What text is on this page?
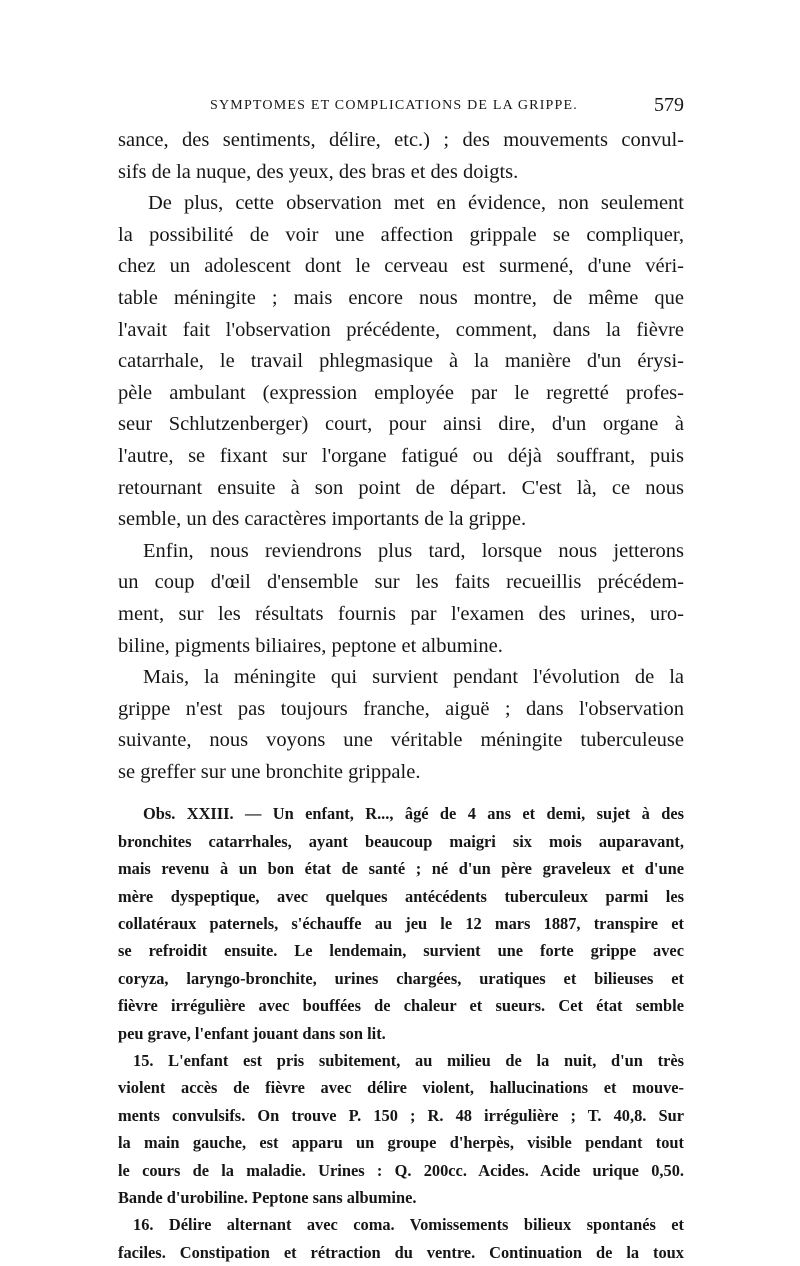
SYMPTOMES ET COMPLICATIONS DE LA GRIPPE.	579
sance, des sentiments, délire, etc.) ; des mouvements convul-
sifs de la nuque, des yeux, des bras et des doigts.
De plus, cette observation met en évidence, non seulement
la possibilité de voir une affection grippale se compliquer,
chez un adolescent dont le cerveau est surmené, d'une véri-
table méningite ; mais encore nous montre, de même que
l'avait fait l'observation précédente, comment, dans la fièvre
catarrhale, le travail phlegmasique à la manière d'un érysi-
pèle ambulant (expression employée par le regretté profes-
seur Schlutzenberger) court, pour ainsi dire, d'un organe à
l'autre, se fixant sur l'organe fatigué ou déjà souffrant, puis
retournant ensuite à son point de départ. C'est là, ce nous
semble, un des caractères importants de la grippe.
Enfin, nous reviendrons plus tard, lorsque nous jetterons
un coup d'œil d'ensemble sur les faits recueillis précédem-
ment, sur les résultats fournis par l'examen des urines, uro-
biline, pigments biliaires, peptone et albumine.
Mais, la méningite qui survient pendant l'évolution de la
grippe n'est pas toujours franche, aiguë ; dans l'observation
suivante, nous voyons une véritable méningite tuberculeuse
se greffer sur une bronchite grippale.
Obs. XXIII. — Un enfant, R..., âgé de 4 ans et demi, sujet à des
bronchites catarrhales, ayant beaucoup maigri six mois auparavant,
mais revenu à un bon état de santé ; né d'un père graveleux et d'une
mère dyspeptique, avec quelques antécédents tuberculeux parmi les
collatéraux paternels, s'échauffe au jeu le 12 mars 1887, transpire et
se refroidit ensuite. Le lendemain, survient une forte grippe avec
coryza, laryngo-bronchite, urines chargées, uratiques et bilieuses et
fièvre irrégulière avec bouffées de chaleur et sueurs. Cet état semble
peu grave, l'enfant jouant dans son lit.
15. L'enfant est pris subitement, au milieu de la nuit, d'un très
violent accès de fièvre avec délire violent, hallucinations et mouve-
ments convulsifs. On trouve P. 150 ; R. 48 irrégulière ; T. 40,8. Sur
la main gauche, est apparu un groupe d'herpès, visible pendant tout
le cours de la maladie. Urines : Q. 200cc. Acides. Acide urique 0,50.
Bande d'urobiline. Peptone sans albumine.
16. Délire alternant avec coma. Vomissements bilieux spontanés et
faciles. Constipation et rétraction du ventre. Continuation de la toux
